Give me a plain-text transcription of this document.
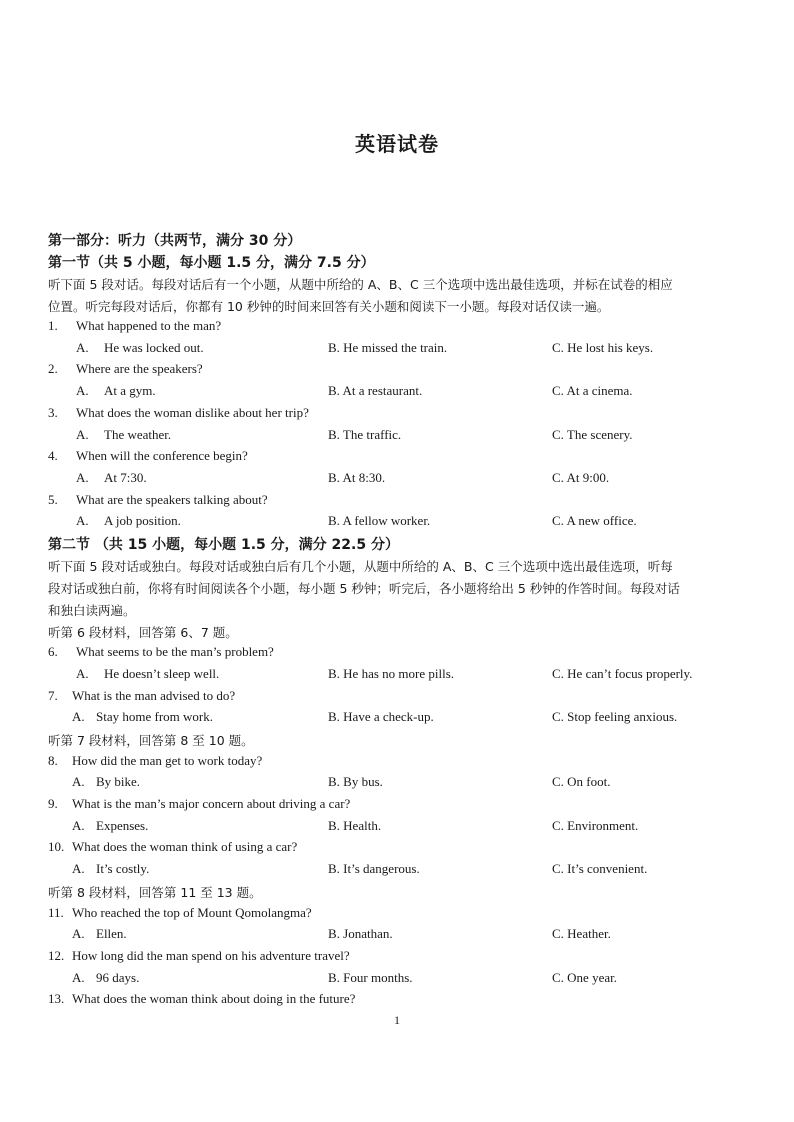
英语试卷
第一部分：听力（共两节，满分 30 分）
第一节（共 5 小题，每小题 1.5 分，满分 7.5 分）
听下面 5 段对话。每段对话后有一个小题，从题中所给的 A、B、C 三个选项中选出最佳选项，并标在试卷的相应
位置。听完每段对话后，你都有 10 秒钟的时间来回答有关小题和阅读下一小题。每段对话仅读一遍。
1. What happened to the man?
A. He was locked out.	B. He missed the train.	C. He lost his keys.
2. Where are the speakers?
A. At a gym.	B. At a restaurant.	C. At a cinema.
3. What does the woman dislike about her trip?
A. The weather.	B. The traffic.	C. The scenery.
4. When will the conference begin?
A. At 7:30.	B. At 8:30.	C. At 9:00.
5. What are the speakers talking about?
A. A job position.	B. A fellow worker.	C. A new office.
第二节 （共 15 小题，每小题 1.5 分，满分 22.5 分）
听下面 5 段对话或独白。每段对话或独白后有几个小题，从题中所给的 A、B、C 三个选项中选出最佳选项，听每
段对话或独白前，你将有时间阅读各个小题，每小题 5 秒钟；听完后，各小题将给出 5 秒钟的作答时间。每段对话
和独白读两遍。
听第 6 段材料，回答第 6、7 题。
6. What seems to be the man’s problem?
A. He doesn’t sleep well.	B. He has no more pills.	C. He can’t focus properly.
7. What is the man advised to do?
A. Stay home from work.	B. Have a check-up.	C. Stop feeling anxious.
听第 7 段材料，回答第 8 至 10 题。
8. How did the man get to work today?
A. By bike.	B. By bus.	C. On foot.
9. What is the man’s major concern about driving a car?
A. Expenses.	B. Health.	C. Environment.
10. What does the woman think of using a car?
A. It’s costly.	B. It’s dangerous.	C. It’s convenient.
听第 8 段材料，回答第 11 至 13 题。
11. Who reached the top of Mount Qomolangma?
A. Ellen.	B. Jonathan.	C. Heather.
12. How long did the man spend on his adventure travel?
A. 96 days.	B. Four months.	C. One year.
13. What does the woman think about doing in the future?
1
